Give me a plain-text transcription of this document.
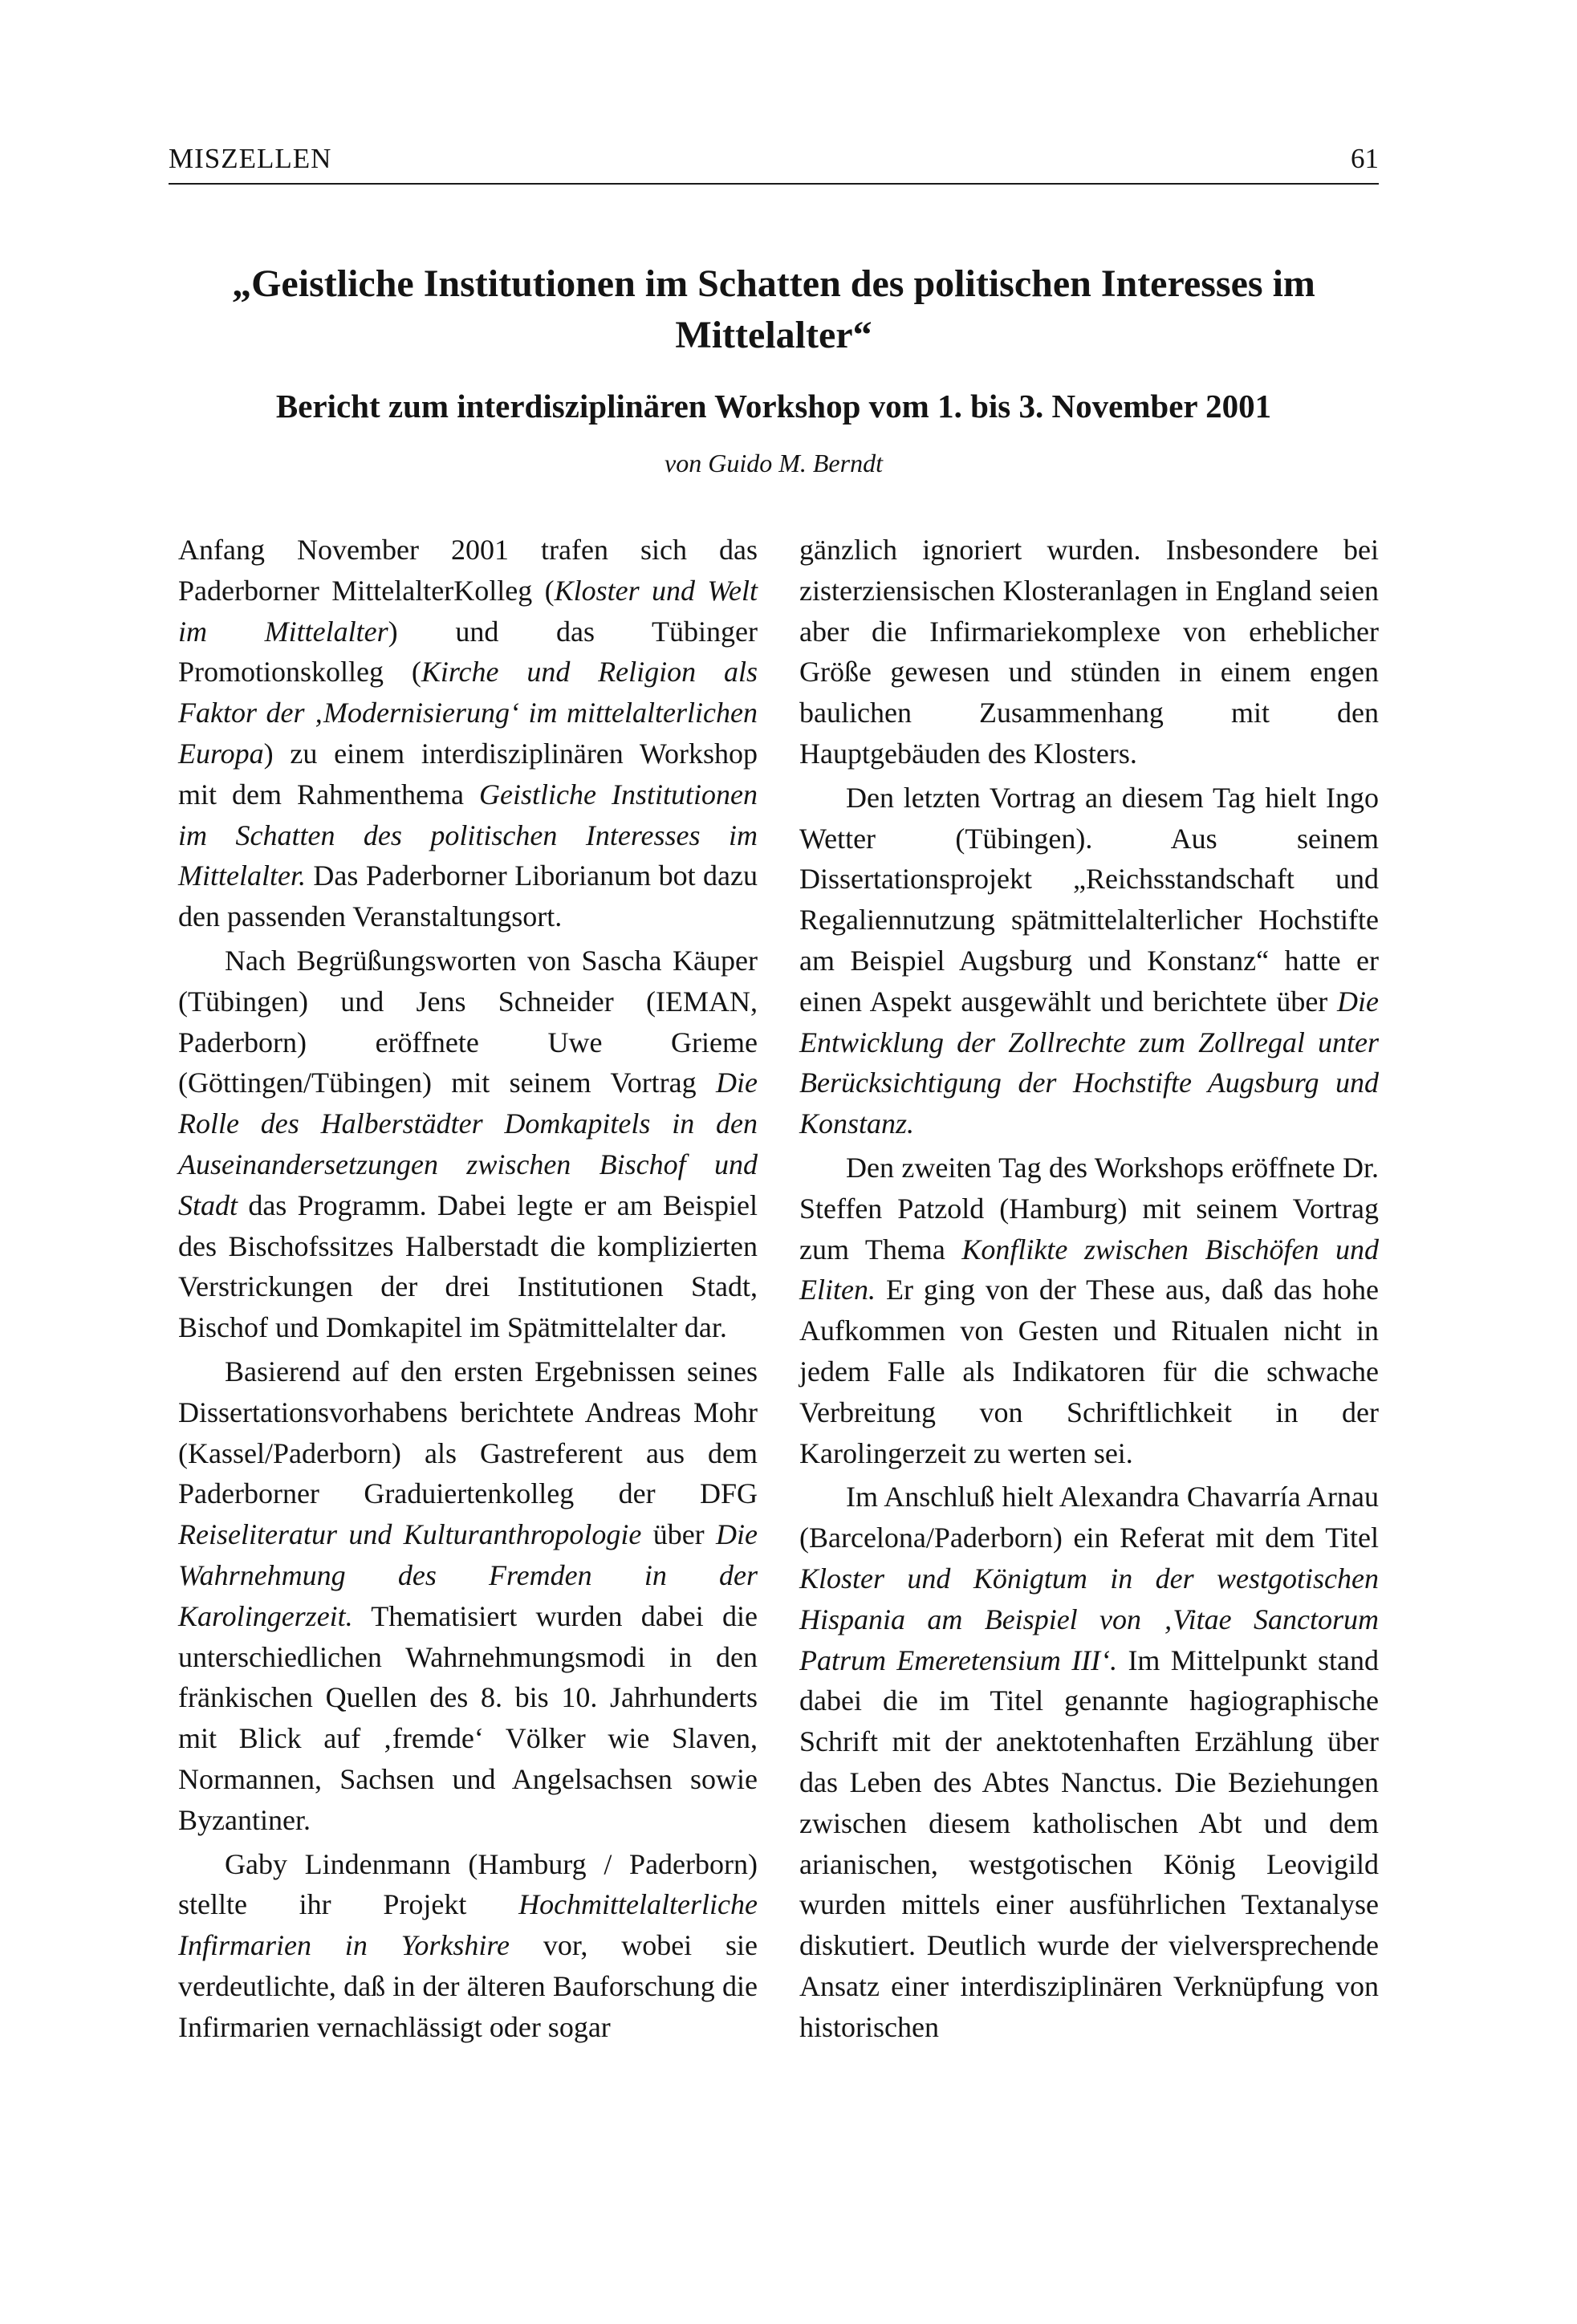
MISZELLEN	61
„Geistliche Institutionen im Schatten des politischen Interesses im
Mittelalter“
Bericht zum interdisziplinären Workshop vom 1. bis 3. November 2001
von Guido M. Berndt

Anfang November 2001 trafen sich das Paderborner MittelalterKolleg (Kloster und Welt im Mittelalter) und das Tübinger Promotionskolleg (Kirche und Religion als Faktor der ‚Modernisierung‘ im mittelalterlichen Europa) zu einem interdisziplinären Workshop mit dem Rahmenthema Geistliche Institutionen im Schatten des politischen Interesses im Mittelalter. Das Paderborner Liborianum bot dazu den passenden Veranstaltungsort.

Nach Begrüßungsworten von Sascha Käuper (Tübingen) und Jens Schneider (IEMAN, Paderborn) eröffnete Uwe Grieme (Göttingen/Tübingen) mit seinem Vortrag Die Rolle des Halberstädter Domkapitels in den Auseinandersetzungen zwischen Bischof und Stadt das Programm. Dabei legte er am Beispiel des Bischofssitzes Halberstadt die komplizierten Verstrickungen der drei Institutionen Stadt, Bischof und Domkapitel im Spätmittelalter dar.

Basierend auf den ersten Ergebnissen seines Dissertationsvorhabens berichtete Andreas Mohr (Kassel/Paderborn) als Gastreferent aus dem Paderborner Graduiertenkolleg der DFG Reiseliteratur und Kulturanthropologie über Die Wahrnehmung des Fremden in der Karolingerzeit. Thematisiert wurden dabei die unterschiedlichen Wahrnehmungsmodi in den fränkischen Quellen des 8. bis 10. Jahrhunderts mit Blick auf ‚fremde‘ Völker wie Slaven, Normannen, Sachsen und Angelsachsen sowie Byzantiner.

Gaby Lindenmann (Hamburg / Paderborn) stellte ihr Projekt Hochmittelalterliche Infirmarien in Yorkshire vor, wobei sie verdeutlichte, daß in der älteren Bauforschung die Infirmarien vernachlässigt oder sogar

gänzlich ignoriert wurden. Insbesondere bei zisterziensischen Klosteranlagen in England seien aber die Infirmariekomplexe von erheblicher Größe gewesen und stünden in einem engen baulichen Zusammenhang mit den Hauptgebäuden des Klosters.

Den letzten Vortrag an diesem Tag hielt Ingo Wetter (Tübingen). Aus seinem Dissertationsprojekt „Reichsstandschaft und Regaliennutzung spätmittelalterlicher Hochstifte am Beispiel Augsburg und Konstanz“ hatte er einen Aspekt ausgewählt und berichtete über Die Entwicklung der Zollrechte zum Zollregal unter Berücksichtigung der Hochstifte Augsburg und Konstanz.

Den zweiten Tag des Workshops eröffnete Dr. Steffen Patzold (Hamburg) mit seinem Vortrag zum Thema Konflikte zwischen Bischöfen und Eliten. Er ging von der These aus, daß das hohe Aufkommen von Gesten und Ritualen nicht in jedem Falle als Indikatoren für die schwache Verbreitung von Schriftlichkeit in der Karolingerzeit zu werten sei.

Im Anschluß hielt Alexandra Chavarría Arnau (Barcelona/Paderborn) ein Referat mit dem Titel Kloster und Königtum in der westgotischen Hispania am Beispiel von ‚Vitae Sanctorum Patrum Emeretensium III‘. Im Mittelpunkt stand dabei die im Titel genannte hagiographische Schrift mit der anektotenhaften Erzählung über das Leben des Abtes Nanctus. Die Beziehungen zwischen diesem katholischen Abt und dem arianischen, westgotischen König Leovigild wurden mittels einer ausführlichen Textanalyse diskutiert. Deutlich wurde der vielversprechende Ansatz einer interdisziplinären Verknüpfung von historischen
